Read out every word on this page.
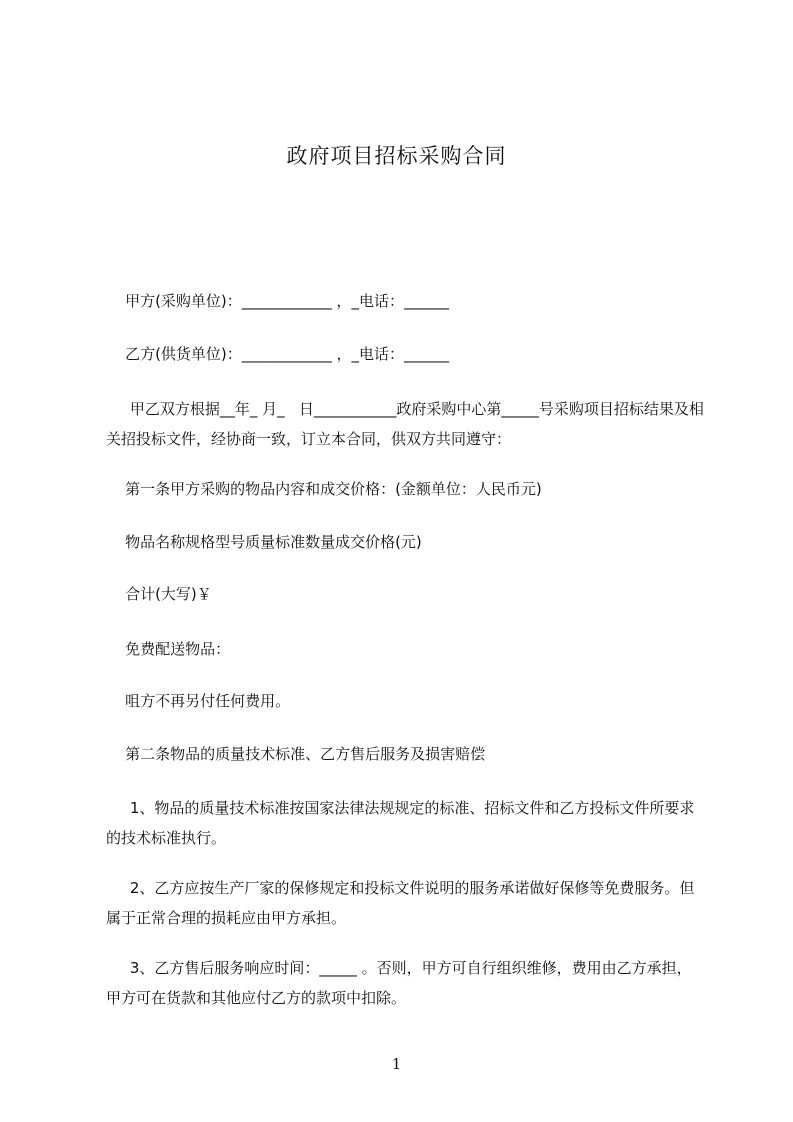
政府项目招标采购合同
甲方(采购单位)：____________ ，_电话：______
乙方(供货单位)：____________ ，_电话：______
甲乙双方根据__年_ 月_   日___________政府采购中心第_____号采购项目招标结果及相关招投标文件，经协商一致，订立本合同，供双方共同遵守：
第一条甲方采购的物品内容和成交价格：(金额单位：人民币元)
物品名称规格型号质量标准数量成交价格(元)
合计(大写)￥
免费配送物品：
咀方不再另付任何费用。
第二条物品的质量技术标准、乙方售后服务及损害赔偿
1、物品的质量技术标准按国家法律法规规定的标准、招标文件和乙方投标文件所要求的技术标准执行。
2、乙方应按生产厂家的保修规定和投标文件说明的服务承诺做好保修等免费服务。但属于正常合理的损耗应由甲方承担。
3、乙方售后服务响应时间：_____ 。否则，甲方可自行组织维修，费用由乙方承担，甲方可在货款和其他应付乙方的款项中扣除。
1
